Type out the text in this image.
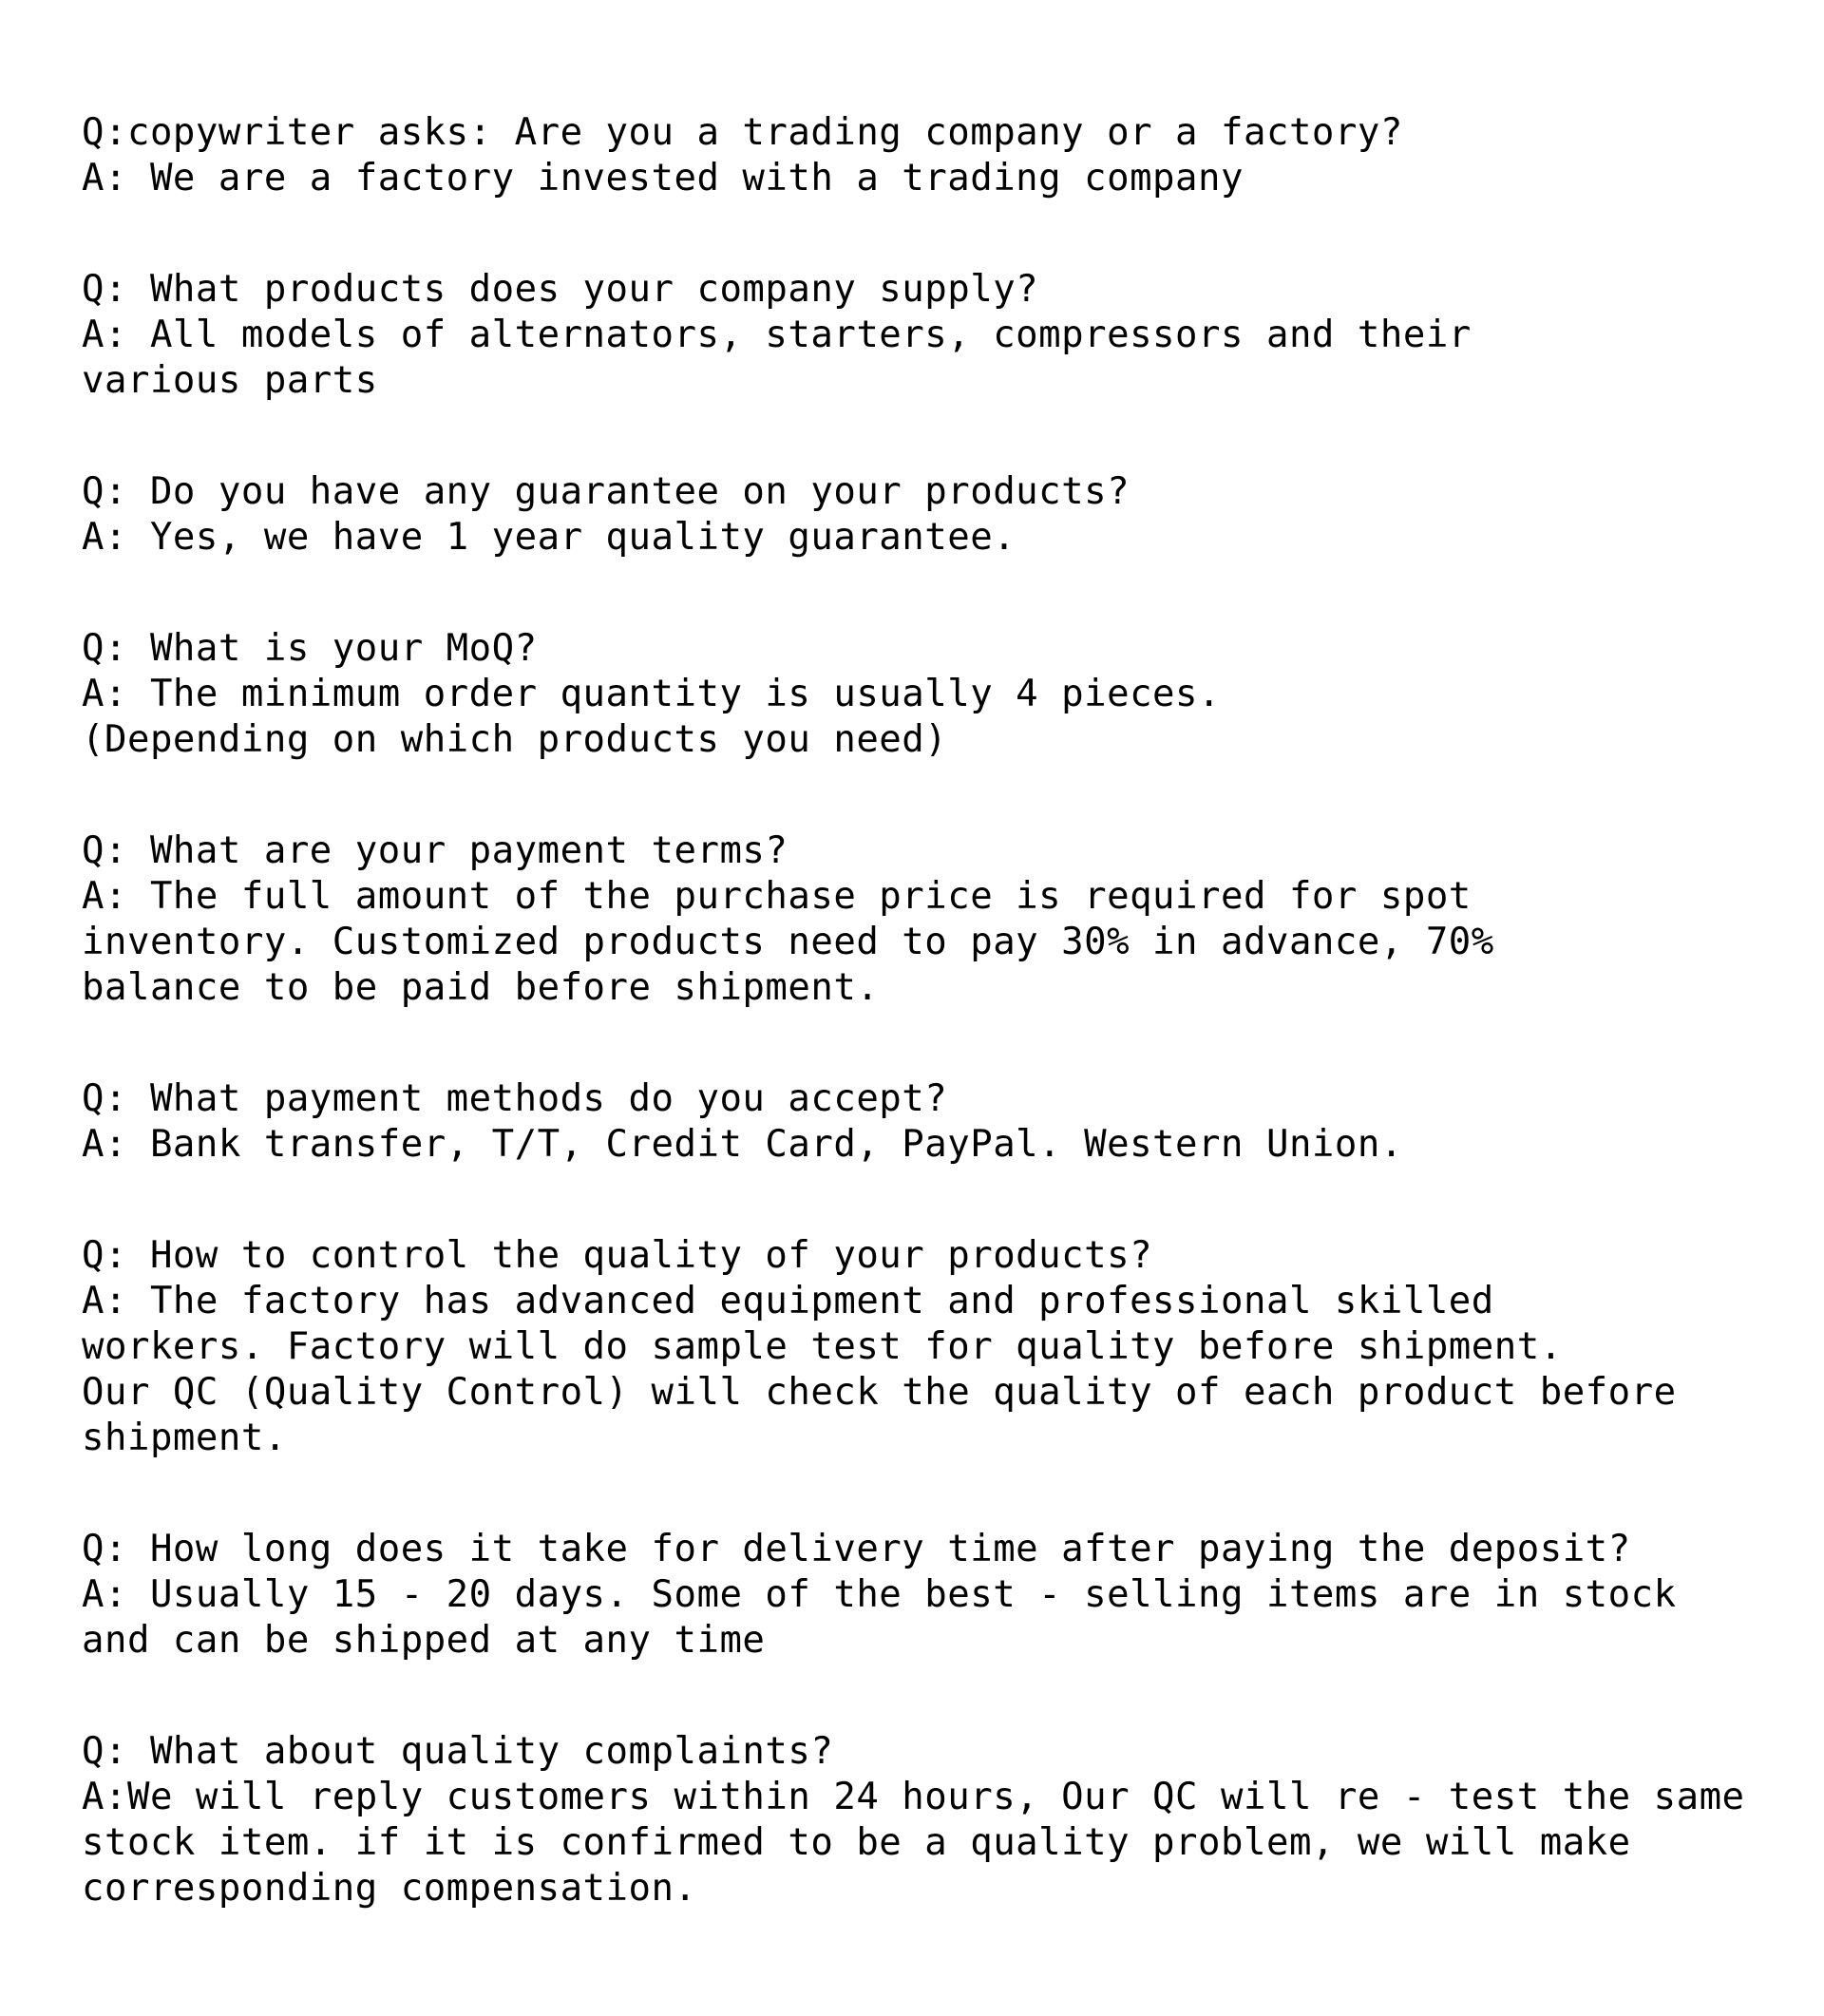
Q:copywriter asks: Are you a trading company or a factory?
A: We are a factory invested with a trading company
Q: What products does your company supply?
A: All models of alternators, starters, compressors and their
various parts
Q: Do you have any guarantee on your products?
A: Yes, we have 1 year quality guarantee.
Q: What is your MoQ?
A: The minimum order quantity is usually 4 pieces.
(Depending on which products you need)
Q: What are your payment terms?
A: The full amount of the purchase price is required for spot
inventory. Customized products need to pay 30% in advance, 70%
balance to be paid before shipment.
Q: What payment methods do you accept?
A: Bank transfer, T/T, Credit Card, PayPal. Western Union.
Q: How to control the quality of your products?
A: The factory has advanced equipment and professional skilled
workers. Factory will do sample test for quality before shipment.
Our QC (Quality Control) will check the quality of each product before
shipment.
Q: How long does it take for delivery time after paying the deposit?
A: Usually 15 - 20 days. Some of the best - selling items are in stock
and can be shipped at any time
Q: What about quality complaints?
A:We will reply customers within 24 hours, Our QC will re - test the same
stock item. if it is confirmed to be a quality problem, we will make
corresponding compensation.
